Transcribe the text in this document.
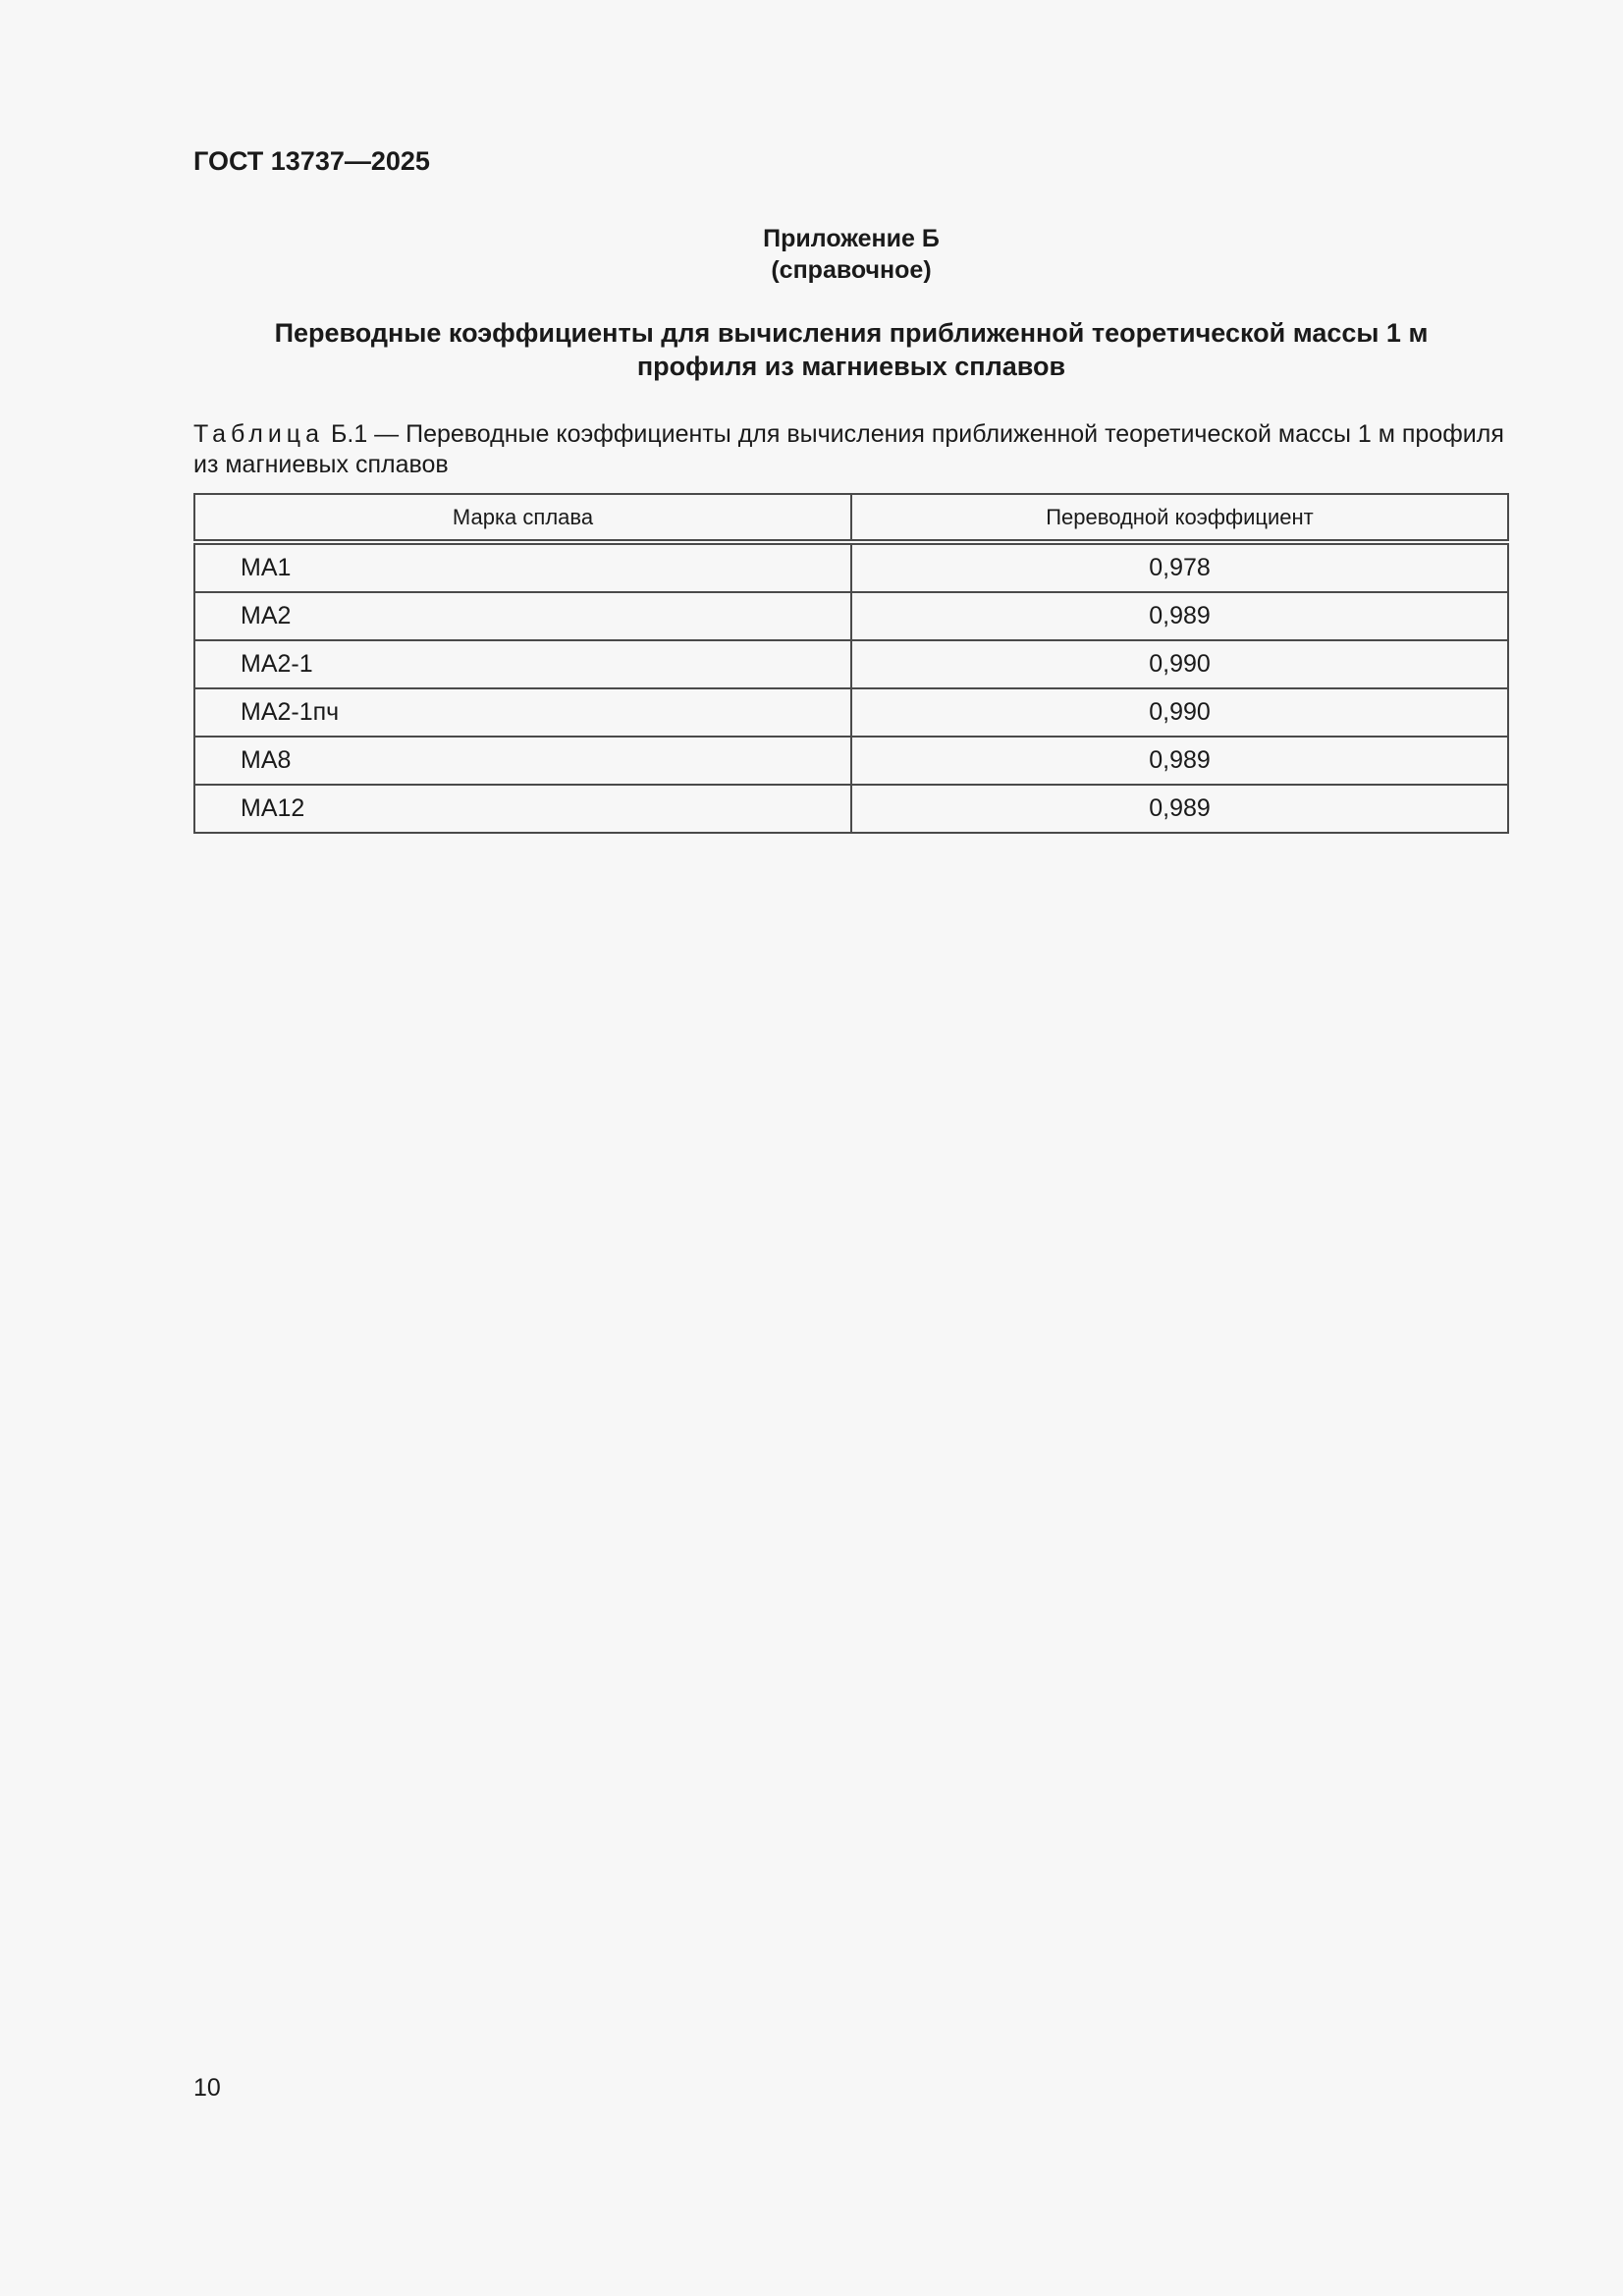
ГОСТ 13737—2025

Приложение Б

(справочное)

Переводные коэффициенты для вычисления приближенной теоретической массы 1 м
профиля из магниевых сплавов

Таблица Б.1 — Переводные коэффициенты для вычисления приближенной теоретической массы 1 м профиля из магниевых сплавов

Марка сплава	Переводной коэффициент
МА1	0,978
МА2	0,989
МА2-1	0,990
МА2-1пч	0,990
МА8	0,989
МА12	0,989

10
